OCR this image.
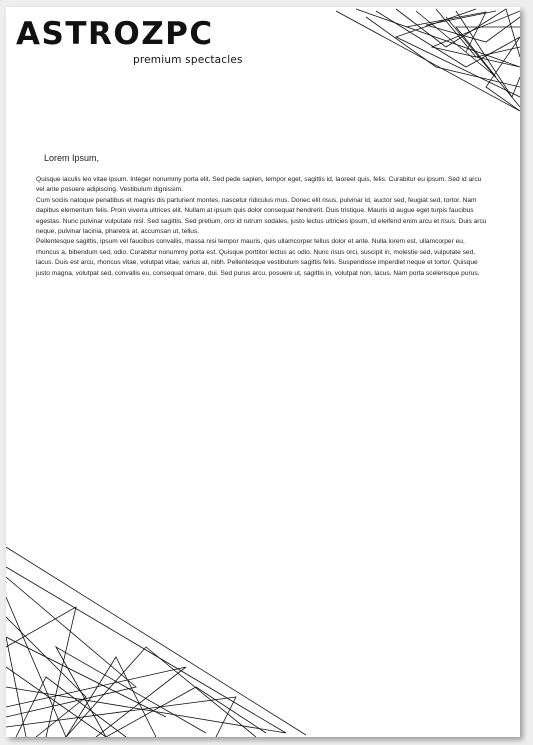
ASTROZPC
premium spectacles
Lorem Ipsum,

Quisque iaculis leo vitae ipsum. Integer nonummy porta elit. Sed pede sapien, tempor eget, sagittis id, laoreet quis, felis. Curabitur eu ipsum. Sed id arcu vel ante posuere adipiscing. Vestibulum dignissim.

Cum sociis natoque penatibus et magnis dis parturient montes, nascetur ridiculus mus. Donec elit risus, pulvinar id, auctor sed, feugiat sed, tortor. Nam dapibus elementum felis. Proin viverra ultrices elit. Nullam at ipsum quis dolor consequat hendrerit. Duis tristique. Mauris id augue eget turpis faucibus egestas. Nunc pulvinar vulputate nisl. Sed sagittis. Sed pretium, orci id rutrum sodales, justo lectus ultricies ipsum, id eleifend enim arcu et risus. Duis arcu neque, pulvinar lacinia, pharetra at, accumsan ut, tellus.

Pellentesque sagittis, ipsum vel faucibus convallis, massa nisi tempor mauris, quis ullamcorper tellus dolor et ante. Nulla lorem est, ullamcorper eu, rhoncus a, bibendum sed, odio. Curabitur nonummy porta est. Quisque porttitor lectus ac odio. Nunc risus orci, suscipit in, molestie sed, vulputate sed, lacus. Duis est arcu, rhoncus vitae, volutpat vitae, varius at, nibh. Pellentesque vestibulum sagittis felis. Suspendisse imperdiet neque et tortor. Quisque justo magna, volutpat sed, convallis eu, consequat ornare, dui. Sed purus arcu, posuere ut, sagittis in, volutpat non, lacus. Nam porta scelerisque purus.
